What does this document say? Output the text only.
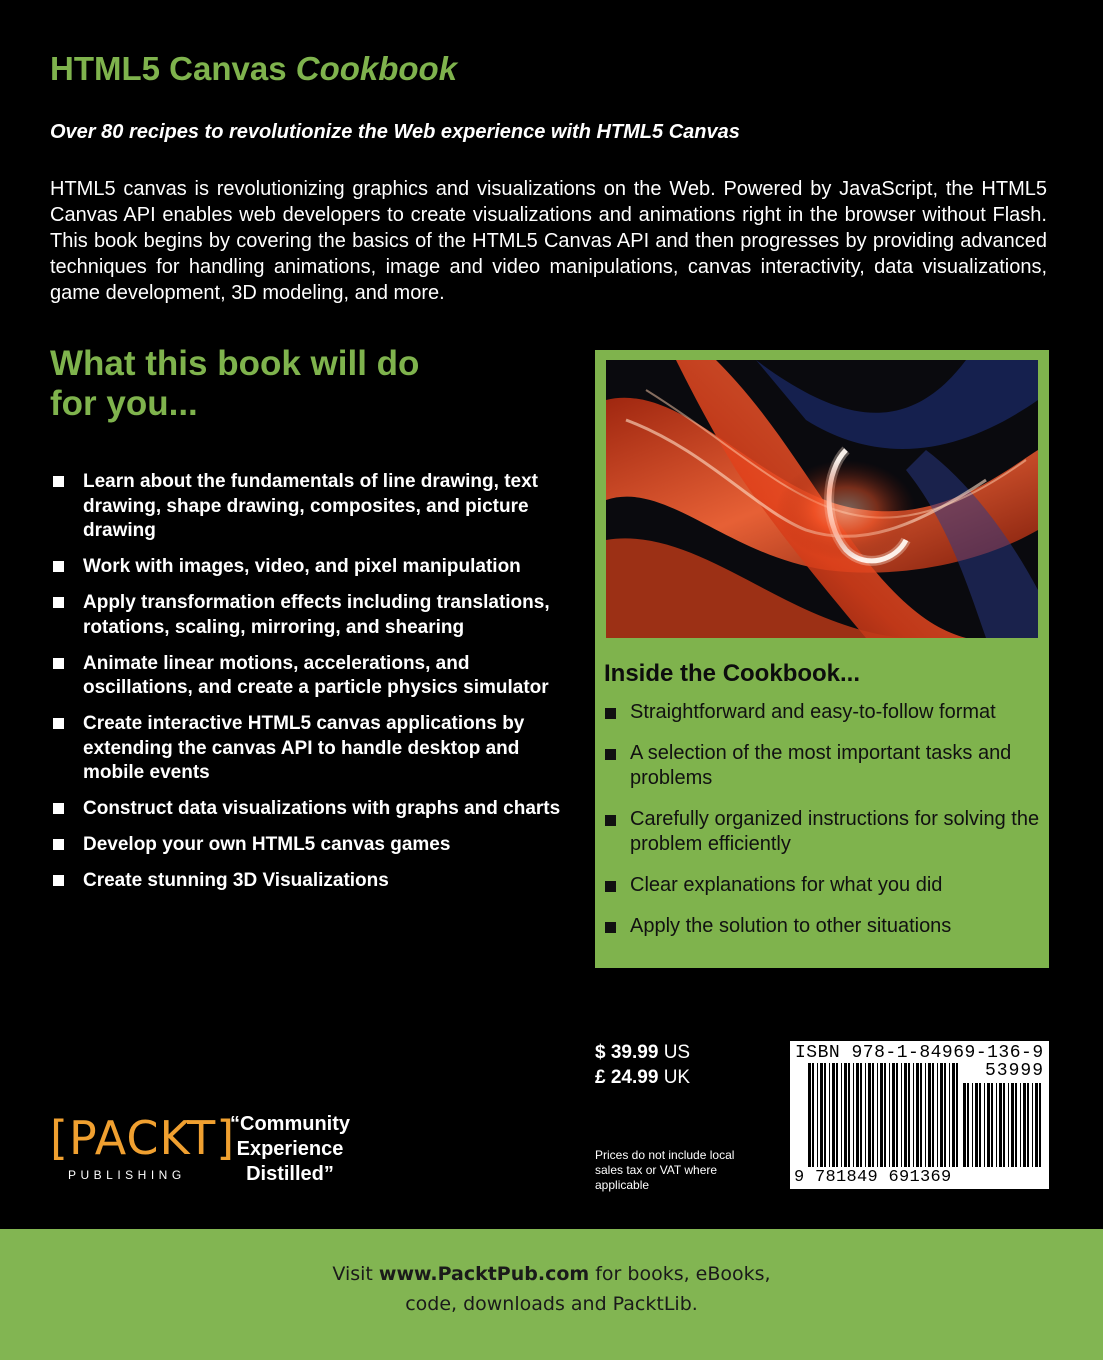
HTML5 Canvas Cookbook

Over 80 recipes to revolutionize the Web experience with HTML5 Canvas

HTML5 canvas is revolutionizing graphics and visualizations on the Web. Powered by JavaScript, the HTML5 Canvas API enables web developers to create visualizations and animations right in the browser without Flash. This book begins by covering the basics of the HTML5 Canvas API and then progresses by providing advanced techniques for handling animations, image and video manipulations, canvas interactivity, data visualizations, game development, 3D modeling, and more.

What this book will do
for you...
Learn about the fundamentals of line drawing, text drawing, shape drawing, composites, and picture drawing
Work with images, video, and pixel manipulation
Apply transformation effects including translations, rotations, scaling, mirroring, and shearing
Animate linear motions, accelerations, and oscillations, and create a particle physics simulator
Create interactive HTML5 canvas applications by extending the canvas API to handle desktop and mobile events
Construct data visualizations with graphs and charts
Develop your own HTML5 canvas games
Create stunning 3D Visualizations
Inside the Cookbook...
Straightforward and easy-to-follow format
A selection of the most important tasks and problems
Carefully organized instructions for solving the problem efficiently
Clear explanations for what you did
Apply the solution to other situations
$ 39.99 US
£ 24.99 UK
Prices do not include local sales tax or VAT where applicable
ISBN 978-1-84969-136-9
53999
9 781849 691369
[PACKT]
PUBLISHING
“Community Experience Distilled”
Visit www.PacktPub.com for books, eBooks,
code, downloads and PacktLib.
